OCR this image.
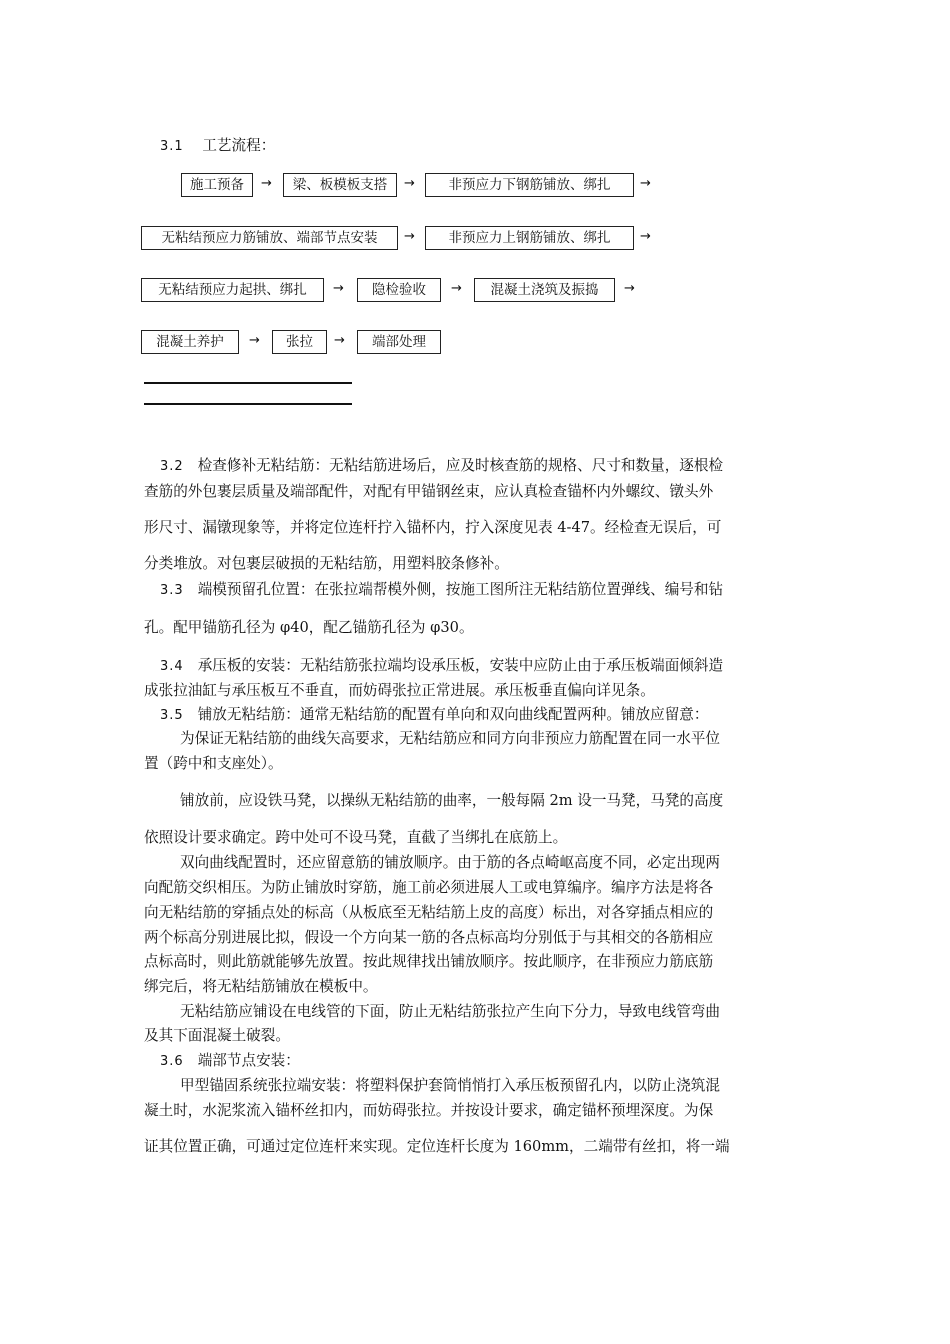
3.1 工艺流程：
施工预备	→	梁、板模板支搭	→	非预应力下钢筋铺放、绑扎	→
无粘结预应力筋铺放、端部节点安装	→	非预应力上钢筋铺放、绑扎	→
无粘结预应力起拱、绑扎	→	隐检验收	→	混凝土浇筑及振捣	→
混凝土养护	→	张拉	→	端部处理
3.2 检查修补无粘结筋：无粘结筋进场后，应及时核查筋的规格、尺寸和数量，逐根检
查筋的外包裹层质量及端部配件，对配有甲锚钢丝束，应认真检查锚杯内外螺纹、镦头外
形尺寸、漏镦现象等，并将定位连杆拧入锚杯内，拧入深度见表 4-47。经检查无误后，可
分类堆放。对包裹层破损的无粘结筋，用塑料胶条修补。
3.3 端模预留孔位置：在张拉端帮模外侧，按施工图所注无粘结筋位置弹线、编号和钻
孔。配甲锚筋孔径为 φ40，配乙锚筋孔径为 φ30。
3.4 承压板的安装：无粘结筋张拉端均设承压板，安装中应防止由于承压板端面倾斜造
成张拉油缸与承压板互不垂直，而妨碍张拉正常进展。承压板垂直偏向详见条。
3.5 铺放无粘结筋：通常无粘结筋的配置有单向和双向曲线配置两种。铺放应留意：
为保证无粘结筋的曲线矢高要求，无粘结筋应和同方向非预应力筋配置在同一水平位
置（跨中和支座处）。
铺放前，应设铁马凳，以操纵无粘结筋的曲率，一般每隔 2m 设一马凳，马凳的高度
依照设计要求确定。跨中处可不设马凳，直截了当绑扎在底筋上。
双向曲线配置时，还应留意筋的铺放顺序。由于筋的各点崎岖高度不同，必定出现两
向配筋交织相压。为防止铺放时穿筋，施工前必须进展人工或电算编序。编序方法是将各
向无粘结筋的穿插点处的标高（从板底至无粘结筋上皮的高度）标出，对各穿插点相应的
两个标高分别进展比拟，假设一个方向某一筋的各点标高均分别低于与其相交的各筋相应
点标高时，则此筋就能够先放置。按此规律找出铺放顺序。按此顺序，在非预应力筋底筋
绑完后，将无粘结筋铺放在模板中。
无粘结筋应铺设在电线管的下面，防止无粘结筋张拉产生向下分力，导致电线管弯曲
及其下面混凝土破裂。
3.6 端部节点安装：
甲型锚固系统张拉端安装：将塑料保护套筒悄悄打入承压板预留孔内，以防止浇筑混
凝土时，水泥浆流入锚杯丝扣内，而妨碍张拉。并按设计要求，确定锚杯预埋深度。为保
证其位置正确，可通过定位连杆来实现。定位连杆长度为 160mm，二端带有丝扣，将一端
